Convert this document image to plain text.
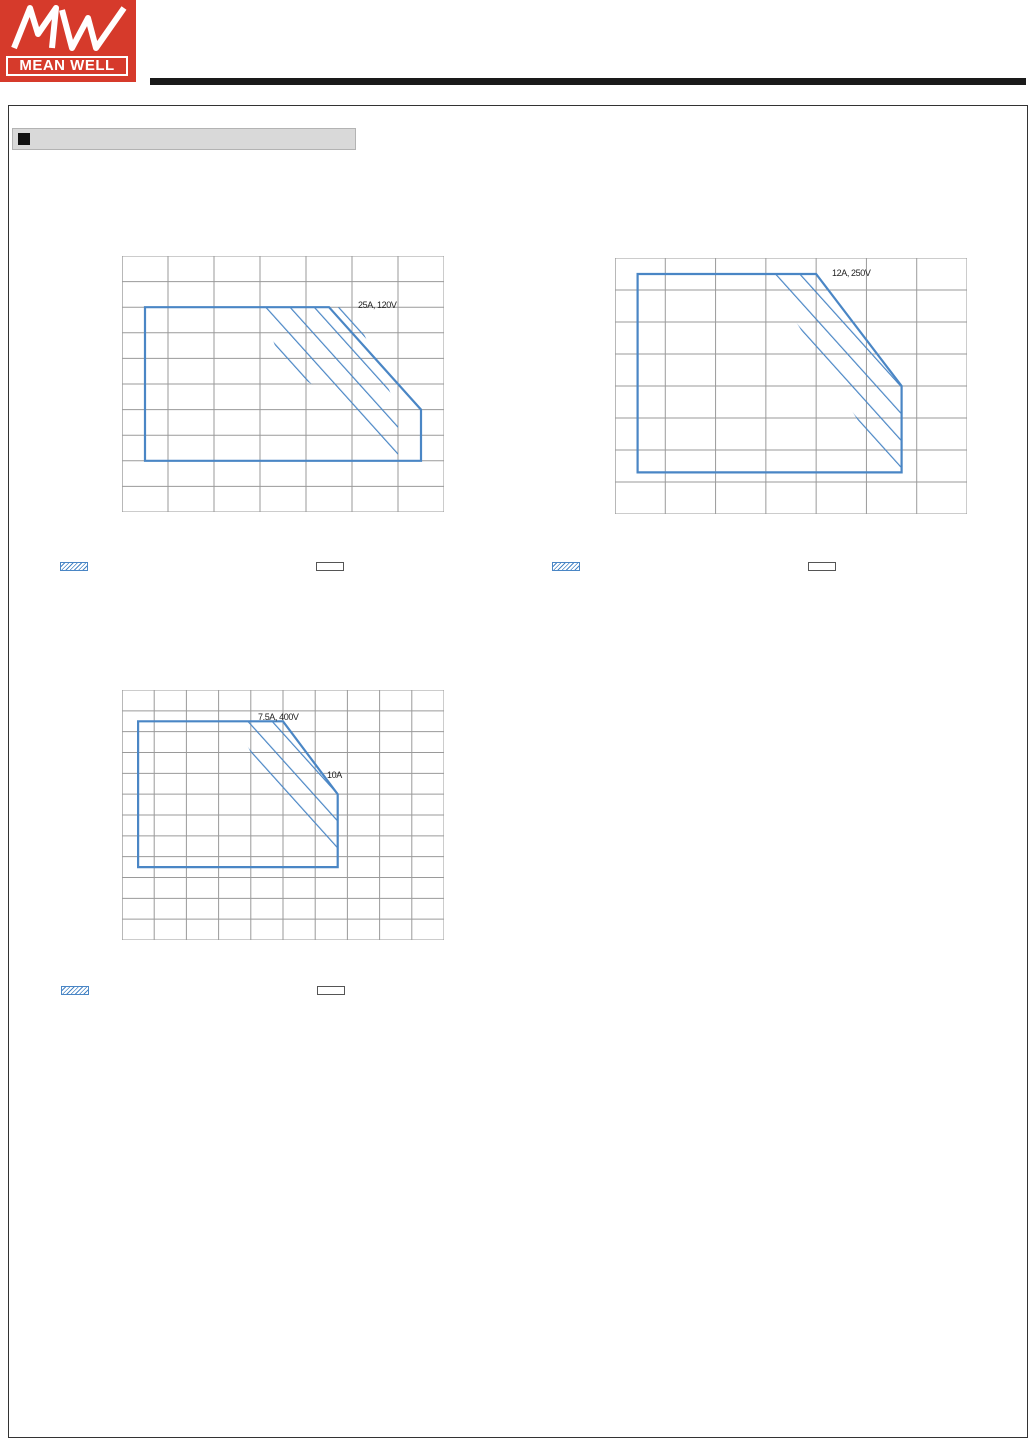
MEAN WELL
25A, 120V
12A, 250V
7.5A, 400V
10A
